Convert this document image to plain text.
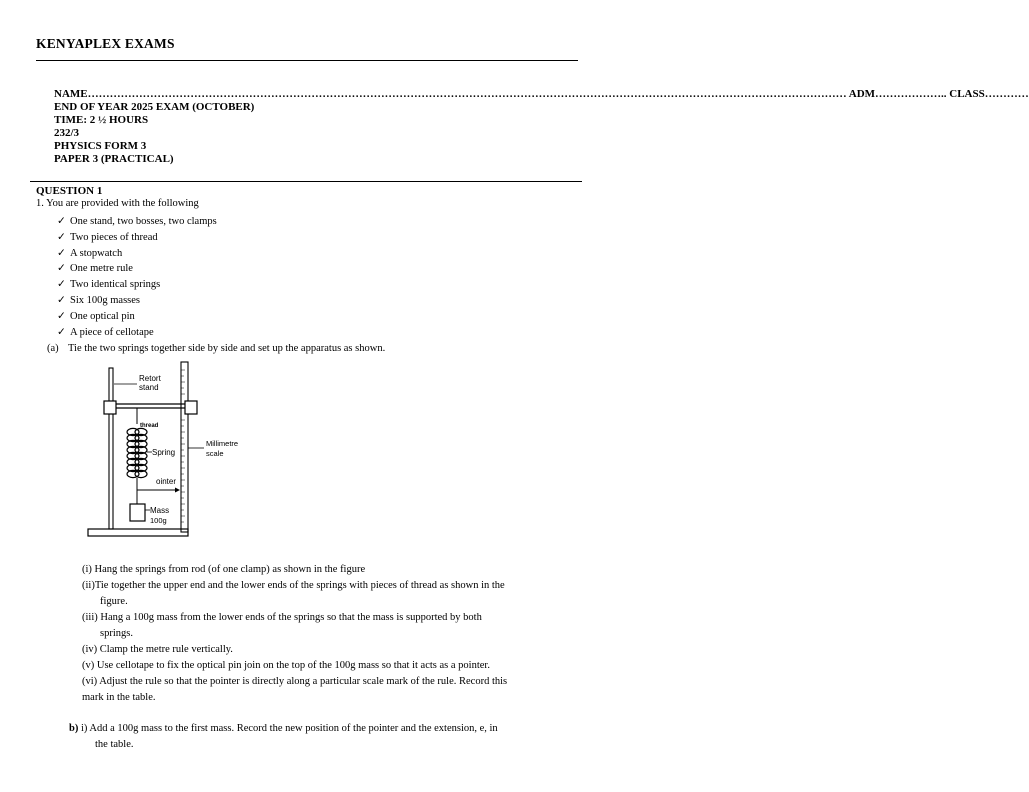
KENYAPLEX EXAMS
NAME……………………………………………………………………………………………………………………………………………………………………………………… ADM……………….. CLASS…………
END OF YEAR 2025 EXAM (OCTOBER)
TIME: 2 ½ HOURS
232/3
PHYSICS FORM 3
PAPER 3 (PRACTICAL)
QUESTION 1
1. You are provided with the following
✓ One stand, two bosses, two clamps
✓ Two pieces of thread
✓ A stopwatch
✓ One metre rule
✓ Two identical springs
✓ Six 100g masses
✓ One optical pin
✓ A piece of cellotape
(a) Tie the two springs together side by side and set up the apparatus as shown.
Retort
stand
thread
Spring
Millimetre
scale
ointer
Mass
100g
(i) Hang the springs from rod (of one clamp) as shown in the figure
(ii)Tie together the upper end and the lower ends of the springs with pieces of thread as shown in the
figure.
(iii) Hang a 100g mass from the lower ends of the springs so that the mass is supported by both
springs.
(iv) Clamp the metre rule vertically.
(v) Use cellotape to fix the optical pin join on the top of the 100g mass so that it acts as a pointer.
(vi) Adjust the rule so that the pointer is directly along a particular scale mark of the rule. Record this
mark in the table.
b) i) Add a 100g mass to the first mass. Record the new position of the pointer and the extension, e, in
the table.
